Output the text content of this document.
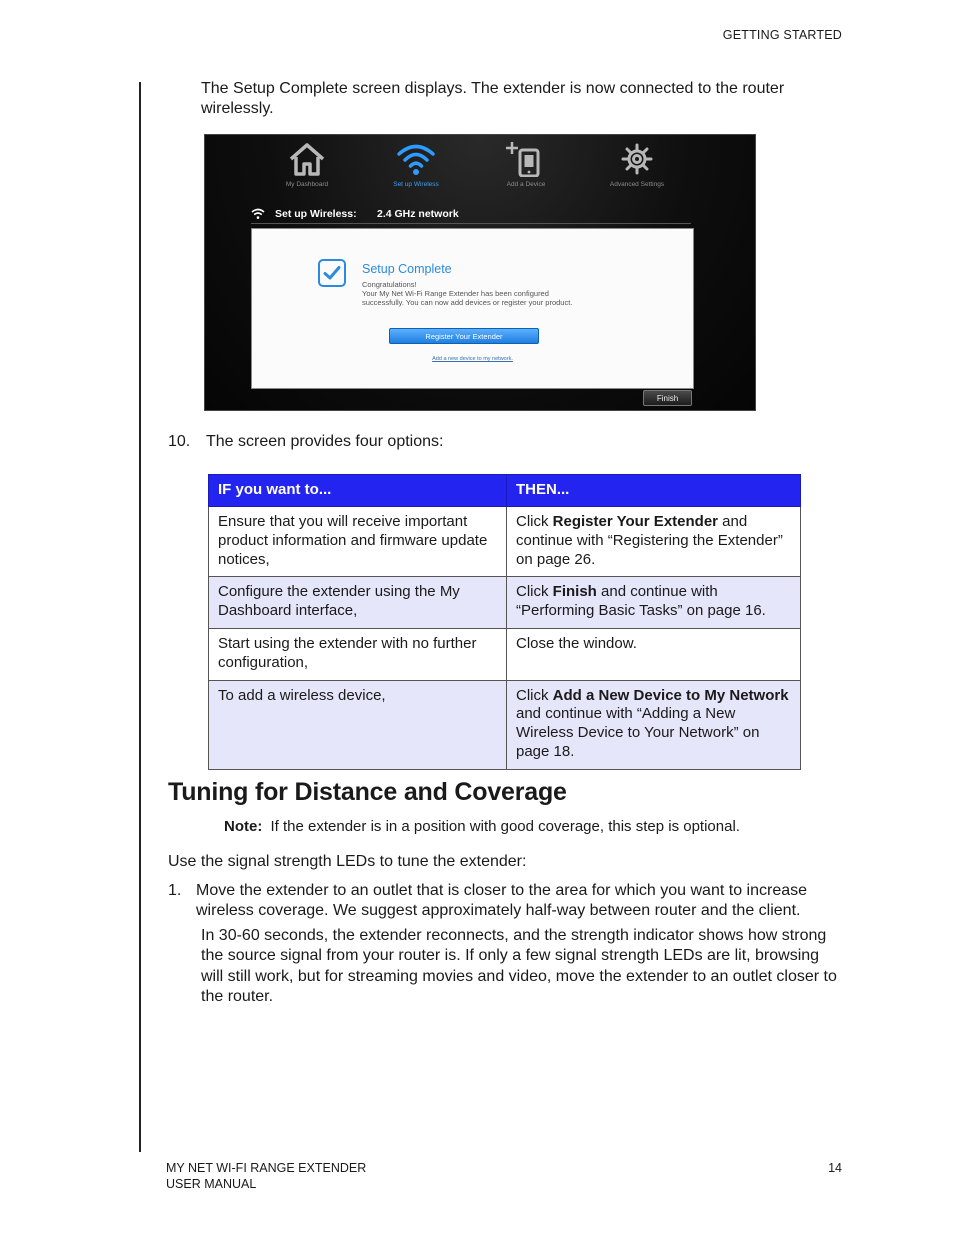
GETTING STARTED
The Setup Complete screen displays. The extender is now connected to the router wirelessly.
My Dashboard	Set up Wireless	Add a Device	Advanced Settings
Set up Wireless: 2.4 GHz network
Setup Complete
Congratulations!
Your My Net Wi-Fi Range Extender has been configured
successfully. You can now add devices or register your product.
Register Your Extender
Add a new device to my network.
Finish
10. The screen provides four options:
IF you want to...	THEN...
Ensure that you will receive important product information and firmware update notices,	Click Register Your Extender and continue with “Registering the Extender” on page 26.
Configure the extender using the My Dashboard interface,	Click Finish and continue with “Performing Basic Tasks” on page 16.
Start using the extender with no further configuration,	Close the window.
To add a wireless device,	Click Add a New Device to My Network and continue with “Adding a New Wireless Device to Your Network” on page 18.
Tuning for Distance and Coverage
Note: If the extender is in a position with good coverage, this step is optional.
Use the signal strength LEDs to tune the extender:
1. Move the extender to an outlet that is closer to the area for which you want to increase wireless coverage. We suggest approximately half-way between router and the client.
In 30-60 seconds, the extender reconnects, and the strength indicator shows how strong the source signal from your router is. If only a few signal strength LEDs are lit, browsing will still work, but for streaming movies and video, move the extender to an outlet closer to the router.
MY NET WI-FI RANGE EXTENDER
USER MANUAL
14
